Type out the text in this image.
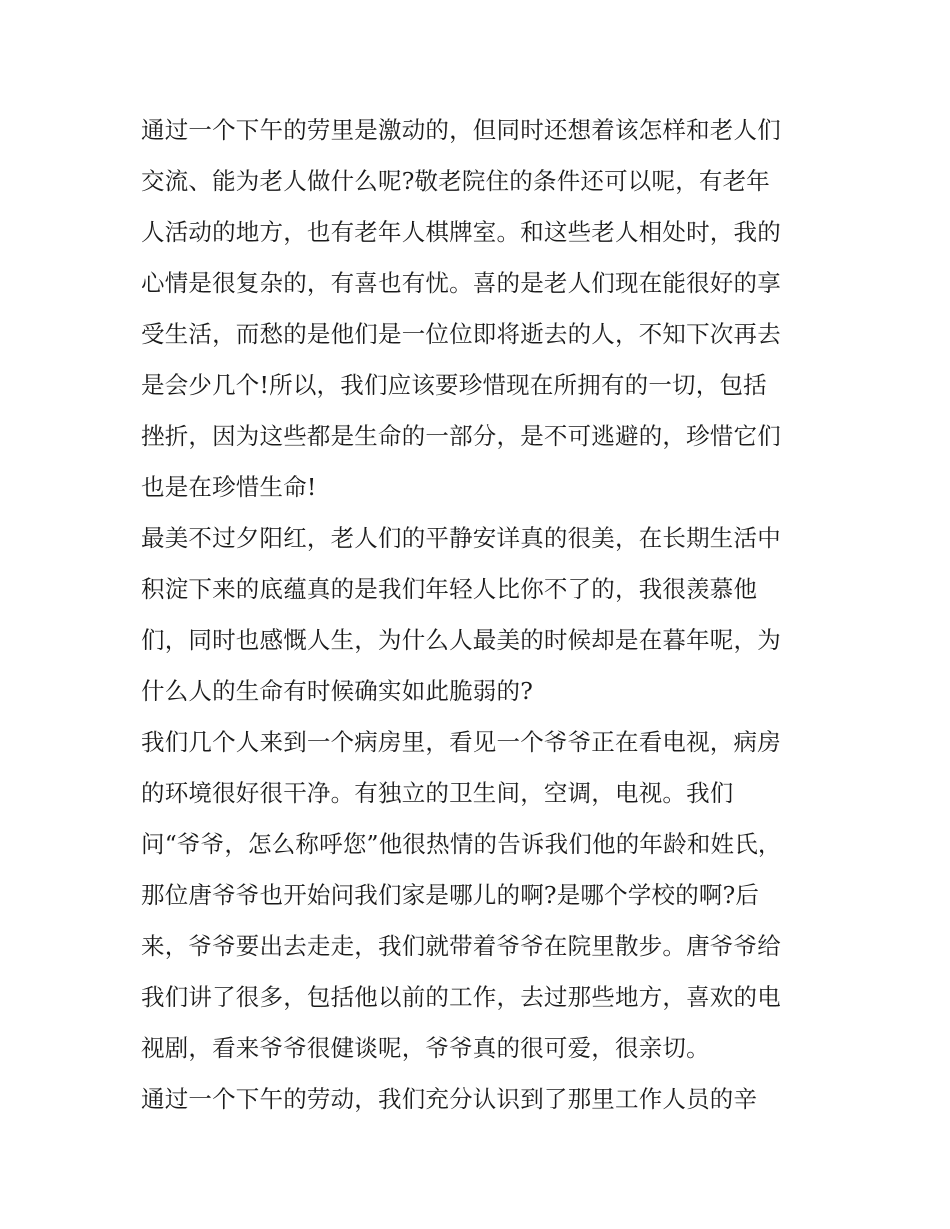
通过一个下午的劳里是激动的，但同时还想着该怎样和老人们
交流、能为老人做什么呢?敬老院住的条件还可以呢，有老年
人活动的地方，也有老年人棋牌室。和这些老人相处时，我的
心情是很复杂的，有喜也有忧。喜的是老人们现在能很好的享
受生活，而愁的是他们是一位位即将逝去的人，不知下次再去
是会少几个!所以，我们应该要珍惜现在所拥有的一切，包括
挫折，因为这些都是生命的一部分，是不可逃避的，珍惜它们
也是在珍惜生命!
最美不过夕阳红，老人们的平静安详真的很美，在长期生活中
积淀下来的底蕴真的是我们年轻人比你不了的，我很羡慕他
们，同时也感慨人生，为什么人最美的时候却是在暮年呢，为
什么人的生命有时候确实如此脆弱的?
我们几个人来到一个病房里，看见一个爷爷正在看电视，病房
的环境很好很干净。有独立的卫生间，空调，电视。我们
问“爷爷，怎么称呼您”他很热情的告诉我们他的年龄和姓氏，
那位唐爷爷也开始问我们家是哪儿的啊?是哪个学校的啊?后
来，爷爷要出去走走，我们就带着爷爷在院里散步。唐爷爷给
我们讲了很多，包括他以前的工作，去过那些地方，喜欢的电
视剧，看来爷爷很健谈呢，爷爷真的很可爱，很亲切。
通过一个下午的劳动，我们充分认识到了那里工作人员的辛
